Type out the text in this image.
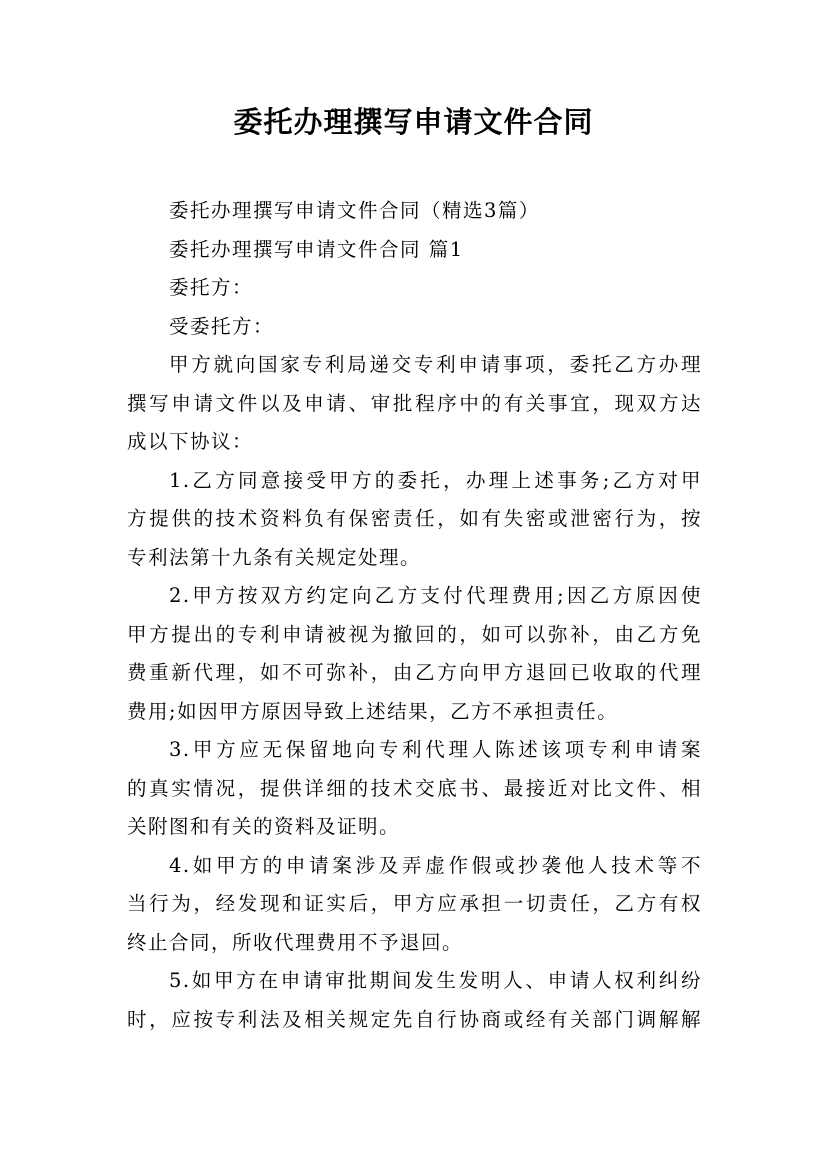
委托办理撰写申请文件合同
委托办理撰写申请文件合同（精选3篇）
委托办理撰写申请文件合同 篇1
委托方：
受委托方：
甲方就向国家专利局递交专利申请事项，委托乙方办理
撰写申请文件以及申请、审批程序中的有关事宜，现双方达
成以下协议：
1.乙方同意接受甲方的委托，办理上述事务;乙方对甲
方提供的技术资料负有保密责任，如有失密或泄密行为，按
专利法第十九条有关规定处理。
2.甲方按双方约定向乙方支付代理费用;因乙方原因使
甲方提出的专利申请被视为撤回的，如可以弥补，由乙方免
费重新代理，如不可弥补，由乙方向甲方退回已收取的代理
费用;如因甲方原因导致上述结果，乙方不承担责任。
3.甲方应无保留地向专利代理人陈述该项专利申请案
的真实情况，提供详细的技术交底书、最接近对比文件、相
关附图和有关的资料及证明。
4.如甲方的申请案涉及弄虚作假或抄袭他人技术等不
当行为，经发现和证实后，甲方应承担一切责任，乙方有权
终止合同，所收代理费用不予退回。
5.如甲方在申请审批期间发生发明人、申请人权利纠纷
时，应按专利法及相关规定先自行协商或经有关部门调解解
